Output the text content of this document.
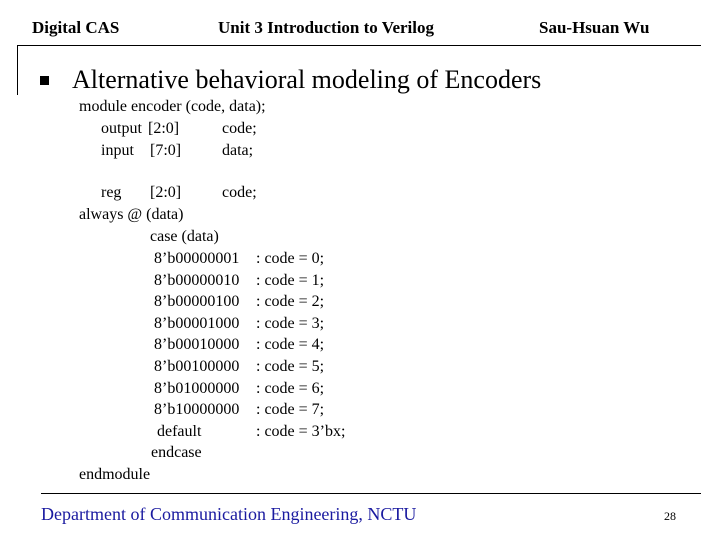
Digital CAS	Unit 3 Introduction to Verilog	Sau-Hsuan Wu
Alternative behavioral modeling of Encoders
module encoder (code, data);
output [2:0]	code;
input [7:0]	data;
reg [2:0]	code;
always @ (data)
case (data)
8’b00000001 : code = 0;
8’b00000010 : code = 1;
8’b00000100 : code = 2;
8’b00001000 : code = 3;
8’b00010000 : code = 4;
8’b00100000 : code = 5;
8’b01000000 : code = 6;
8’b10000000 : code = 7;
default	: code = 3’bx;
endcase
endmodule
Department of Communication Engineering, NCTU	28
